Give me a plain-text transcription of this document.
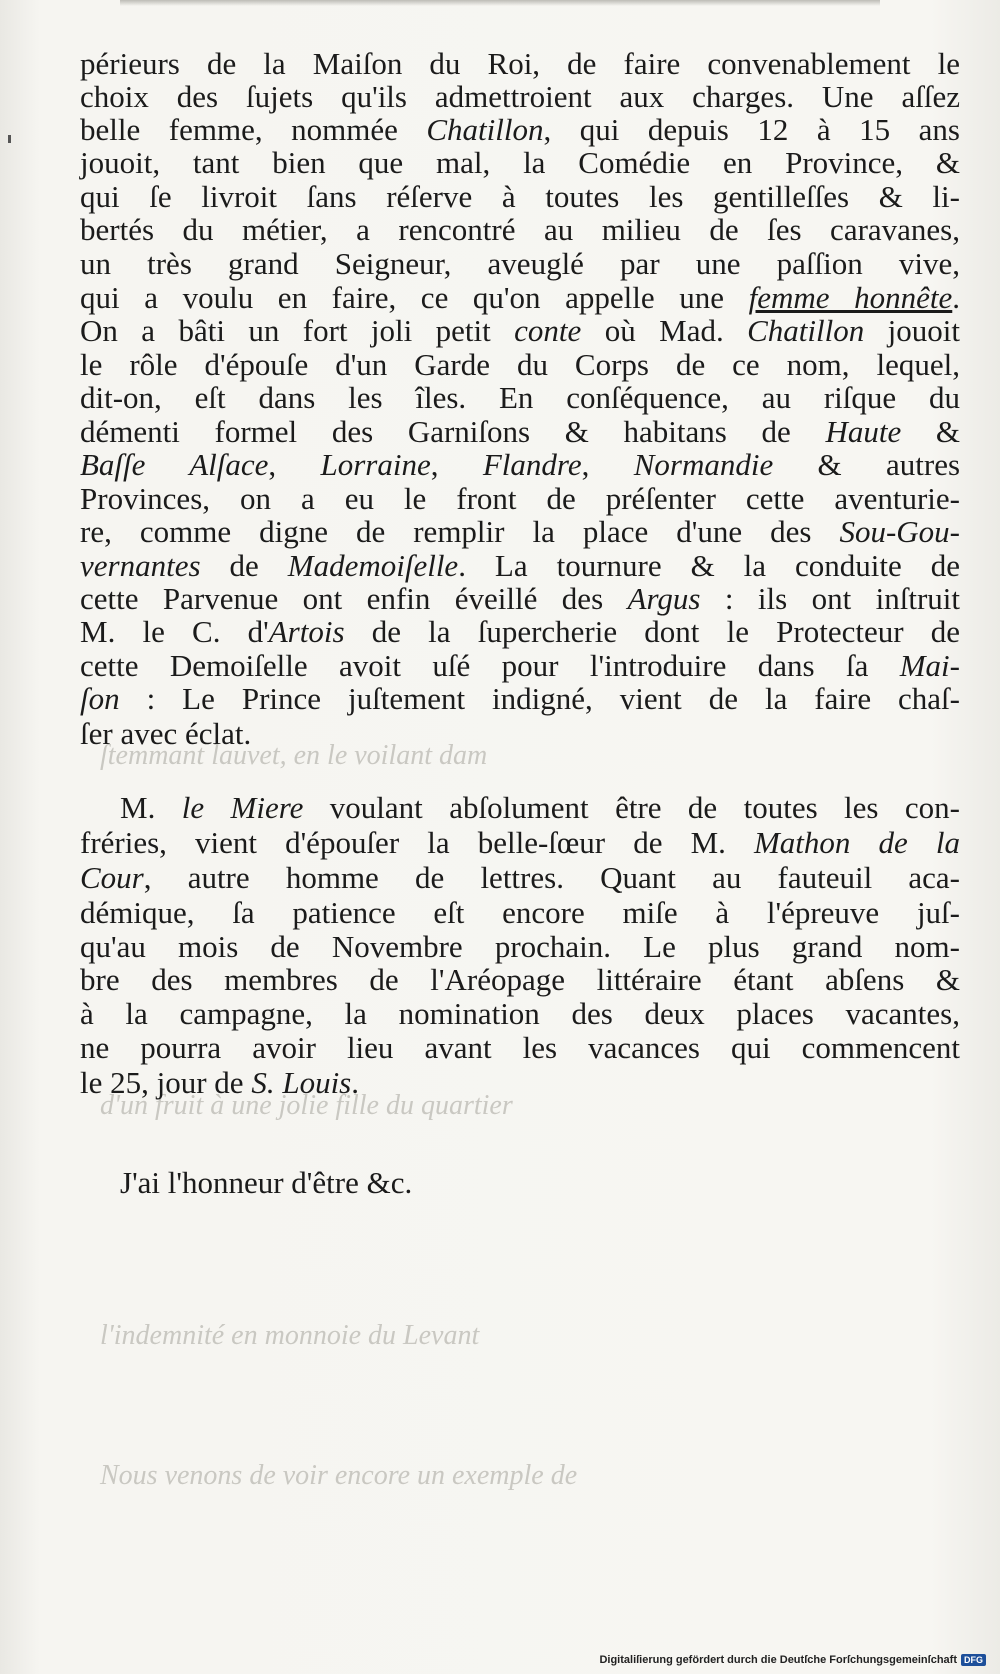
ſtemmant lauvet, en le voilant dam
d'un fruit à une jolie fille du quartier
l'indemnité en monnoie du Levant
Nous venons de voir encore un exemple de
périeurs de la Maiſon du Roi, de faire convenablement le
choix des ſujets qu'ils admettroient aux charges. Une aſſez
belle femme, nommée Chatillon, qui depuis 12 à 15 ans
jouoit, tant bien que mal, la Comédie en Province, &
qui ſe livroit ſans réſerve à toutes les gentilleſſes & li-
bertés du métier, a rencontré au milieu de ſes caravanes,
un très grand Seigneur, aveuglé par une paſſion vive,
qui a voulu en faire, ce qu'on appelle une femme honnête.
On a bâti un fort joli petit conte où Mad. Chatillon jouoit
le rôle d'épouſe d'un Garde du Corps de ce nom, lequel,
dit-on, eſt dans les îles. En conſéquence, au riſque du
démenti formel des Garniſons & habitans de Haute &
Baſſe Alſace, Lorraine, Flandre, Normandie & autres
Provinces, on a eu le front de préſenter cette aventurie-
re, comme digne de remplir la place d'une des Sou-Gou-
vernantes de Mademoiſelle. La tournure & la conduite de
cette Parvenue ont enfin éveillé des Argus : ils ont inſtruit
M. le C. d'Artois de la ſupercherie dont le Protecteur de
cette Demoiſelle avoit uſé pour l'introduire dans ſa Mai-
ſon : Le Prince juſtement indigné, vient de la faire chaſ-
ſer avec éclat.
M. le Miere voulant abſolument être de toutes les con-
fréries, vient d'épouſer la belle-ſœur de M. Mathon de la
Cour, autre homme de lettres. Quant au fauteuil aca-
démique, ſa patience eſt encore miſe à l'épreuve juſ-
qu'au mois de Novembre prochain. Le plus grand nom-
bre des membres de l'Aréopage littéraire étant abſens &
à la campagne, la nomination des deux places vacantes,
ne pourra avoir lieu avant les vacances qui commencent
le 25, jour de S. Louis.
J'ai l'honneur d'être &c.
Digitaliſierung gefördert durch die Deutſche Forſchungsgemeinſchaft DFG
